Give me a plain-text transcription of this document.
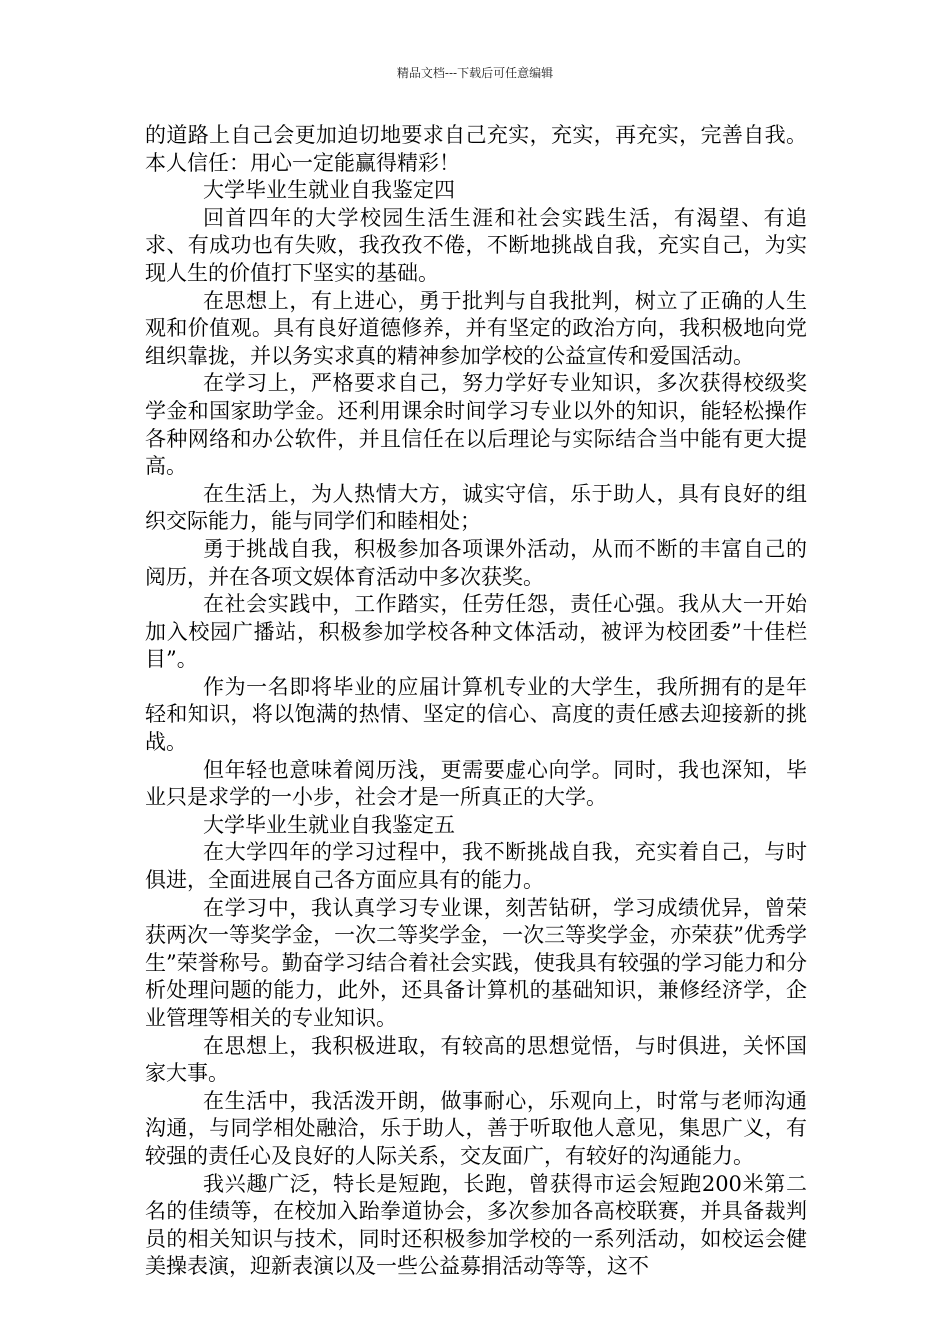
精品文档---下载后可任意编辑

的道路上自己会更加迫切地要求自己充实，充实，再充实，完善自我。本人信任：用心一定能赢得精彩！

大学毕业生就业自我鉴定四

回首四年的大学校园生活生涯和社会实践生活，有渴望、有追求、有成功也有失败，我孜孜不倦，不断地挑战自我，充实自己，为实现人生的价值打下坚实的基础。

在思想上，有上进心，勇于批判与自我批判，树立了正确的人生观和价值观。具有良好道德修养，并有坚定的政治方向，我积极地向党组织靠拢，并以务实求真的精神参加学校的公益宣传和爱国活动。

在学习上，严格要求自己，努力学好专业知识，多次获得校级奖学金和国家助学金。还利用课余时间学习专业以外的知识，能轻松操作各种网络和办公软件，并且信任在以后理论与实际结合当中能有更大提高。

在生活上，为人热情大方，诚实守信，乐于助人，具有良好的组织交际能力，能与同学们和睦相处；

勇于挑战自我，积极参加各项课外活动，从而不断的丰富自己的阅历，并在各项文娱体育活动中多次获奖。

在社会实践中，工作踏实，任劳任怨，责任心强。我从大一开始加入校园广播站，积极参加学校各种文体活动，被评为校团委”十佳栏目”。

作为一名即将毕业的应届计算机专业的大学生，我所拥有的是年轻和知识，将以饱满的热情、坚定的信心、高度的责任感去迎接新的挑战。

但年轻也意味着阅历浅，更需要虚心向学。同时，我也深知，毕业只是求学的一小步，社会才是一所真正的大学。

大学毕业生就业自我鉴定五

在大学四年的学习过程中，我不断挑战自我，充实着自己，与时俱进，全面进展自己各方面应具有的能力。

在学习中，我认真学习专业课，刻苦钻研，学习成绩优异，曾荣获两次一等奖学金，一次二等奖学金，一次三等奖学金，亦荣获”优秀学生”荣誉称号。勤奋学习结合着社会实践，使我具有较强的学习能力和分析处理问题的能力，此外，还具备计算机的基础知识，兼修经济学，企业管理等相关的专业知识。

在思想上，我积极进取，有较高的思想觉悟，与时俱进，关怀国家大事。

在生活中，我活泼开朗，做事耐心，乐观向上，时常与老师沟通沟通，与同学相处融洽，乐于助人，善于听取他人意见，集思广义，有较强的责任心及良好的人际关系，交友面广，有较好的沟通能力。

我兴趣广泛，特长是短跑，长跑，曾获得市运会短跑200米第二名的佳绩等，在校加入跆拳道协会，多次参加各高校联赛，并具备裁判员的相关知识与技术，同时还积极参加学校的一系列活动，如校运会健美操表演，迎新表演以及一些公益募捐活动等等，这不
